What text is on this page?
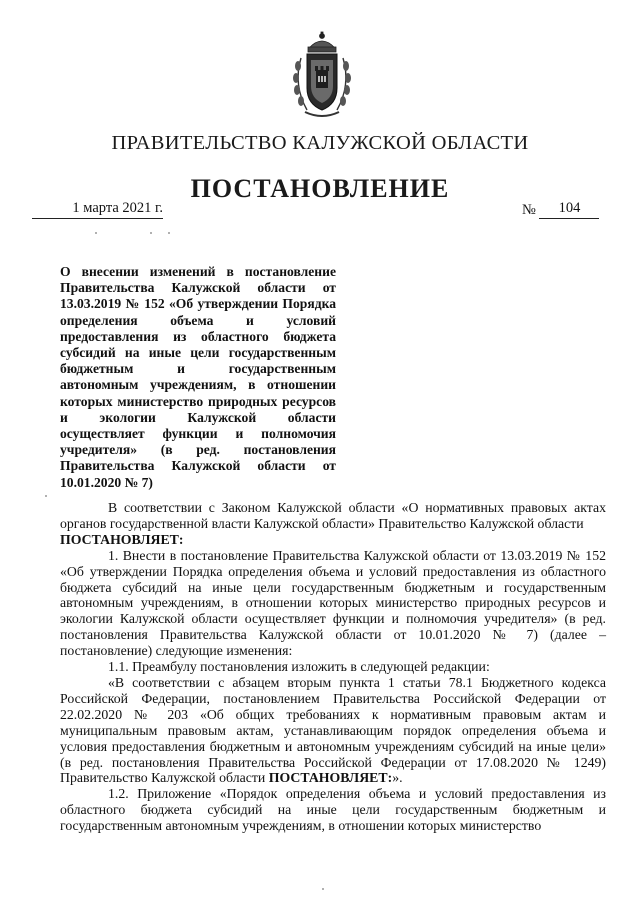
ПРАВИТЕЛЬСТВО КАЛУЖСКОЙ ОБЛАСТИ
ПОСТАНОВЛЕНИЕ
1 марта 2021 г.	№ 104
О внесении изменений в постановление Правительства Калужской области от 13.03.2019 № 152 «Об утверждении Порядка определения объема и условий предоставления из областного бюджета субсидий на иные цели государственным бюджетным и государственным автономным учреждениям, в отношении которых министерство природных ресурсов и экологии Калужской области осуществляет функции и полномочия учредителя» (в ред. постановления Правительства Калужской области от 10.01.2020 № 7)

В соответствии с Законом Калужской области «О нормативных правовых актах органов государственной власти Калужской области» Правительство Калужской области
ПОСТАНОВЛЯЕТ:

1. Внести в постановление Правительства Калужской области от 13.03.2019 № 152 «Об утверждении Порядка определения объема и условий предоставления из областного бюджета субсидий на иные цели государственным бюджетным и государственным автономным учреждениям, в отношении которых министерство природных ресурсов и экологии Калужской области осуществляет функции и полномочия учредителя» (в ред. постановления Правительства Калужской области от 10.01.2020 № 7) (далее – постановление) следующие изменения:

1.1. Преамбулу постановления изложить в следующей редакции:

«В соответствии с абзацем вторым пункта 1 статьи 78.1 Бюджетного кодекса Российской Федерации, постановлением Правительства Российской Федерации от 22.02.2020 № 203 «Об общих требованиях к нормативным правовым актам и муниципальным правовым актам, устанавливающим порядок определения объема и условия предоставления бюджетным и автономным учреждениям субсидий на иные цели» (в ред. постановления Правительства Российской Федерации от 17.08.2020 № 1249) Правительство Калужской области ПОСТАНОВЛЯЕТ:».

1.2. Приложение «Порядок определения объема и условий предоставления из областного бюджета субсидий на иные цели государственным бюджетным и государственным автономным учреждениям, в отношении которых министерство
